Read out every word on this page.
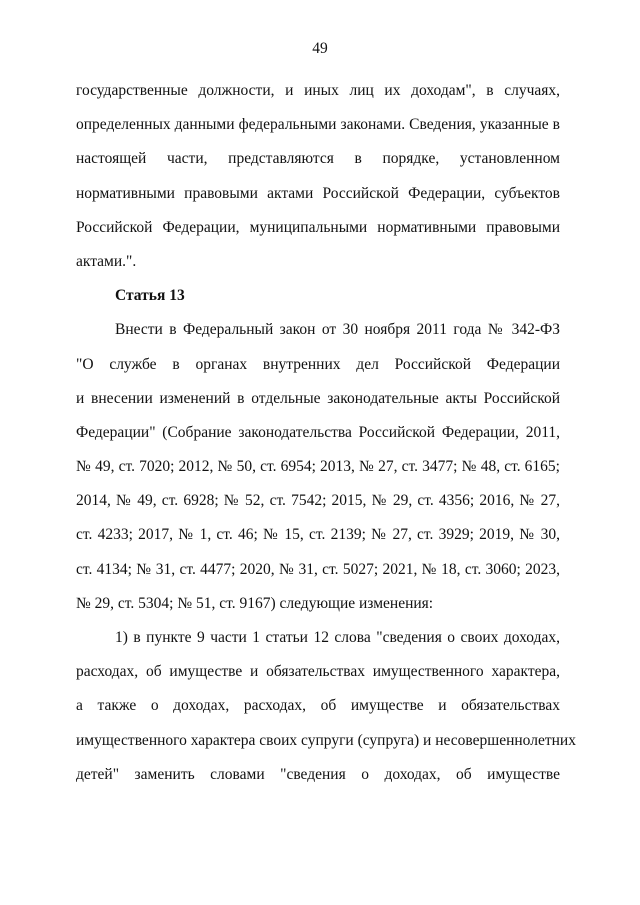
49
государственные должности, и иных лиц их доходам", в случаях,
определенных данными федеральными законами. Сведения, указанные в
настоящей части, представляются в порядке, установленном
нормативными правовыми актами Российской Федерации, субъектов
Российской Федерации, муниципальными нормативными правовыми
актами.".
Статья 13
Внести в Федеральный закон от 30 ноября 2011 года № 342-ФЗ
"О службе в органах внутренних дел Российской Федерации
и внесении изменений в отдельные законодательные акты Российской
Федерации" (Собрание законодательства Российской Федерации, 2011,
№ 49, ст. 7020; 2012, № 50, ст. 6954; 2013, № 27, ст. 3477; № 48, ст. 6165;
2014, № 49, ст. 6928; № 52, ст. 7542; 2015, № 29, ст. 4356; 2016, № 27,
ст. 4233; 2017, № 1, ст. 46; № 15, ст. 2139; № 27, ст. 3929; 2019, № 30,
ст. 4134; № 31, ст. 4477; 2020, № 31, ст. 5027; 2021, № 18, ст. 3060; 2023,
№ 29, ст. 5304; № 51, ст. 9167) следующие изменения:
1) в пункте 9 части 1 статьи 12 слова "сведения о своих доходах,
расходах, об имуществе и обязательствах имущественного характера,
а также о доходах, расходах, об имуществе и обязательствах
имущественного характера своих супруги (супруга) и несовершеннолетних
детей" заменить словами "сведения о доходах, об имуществе
